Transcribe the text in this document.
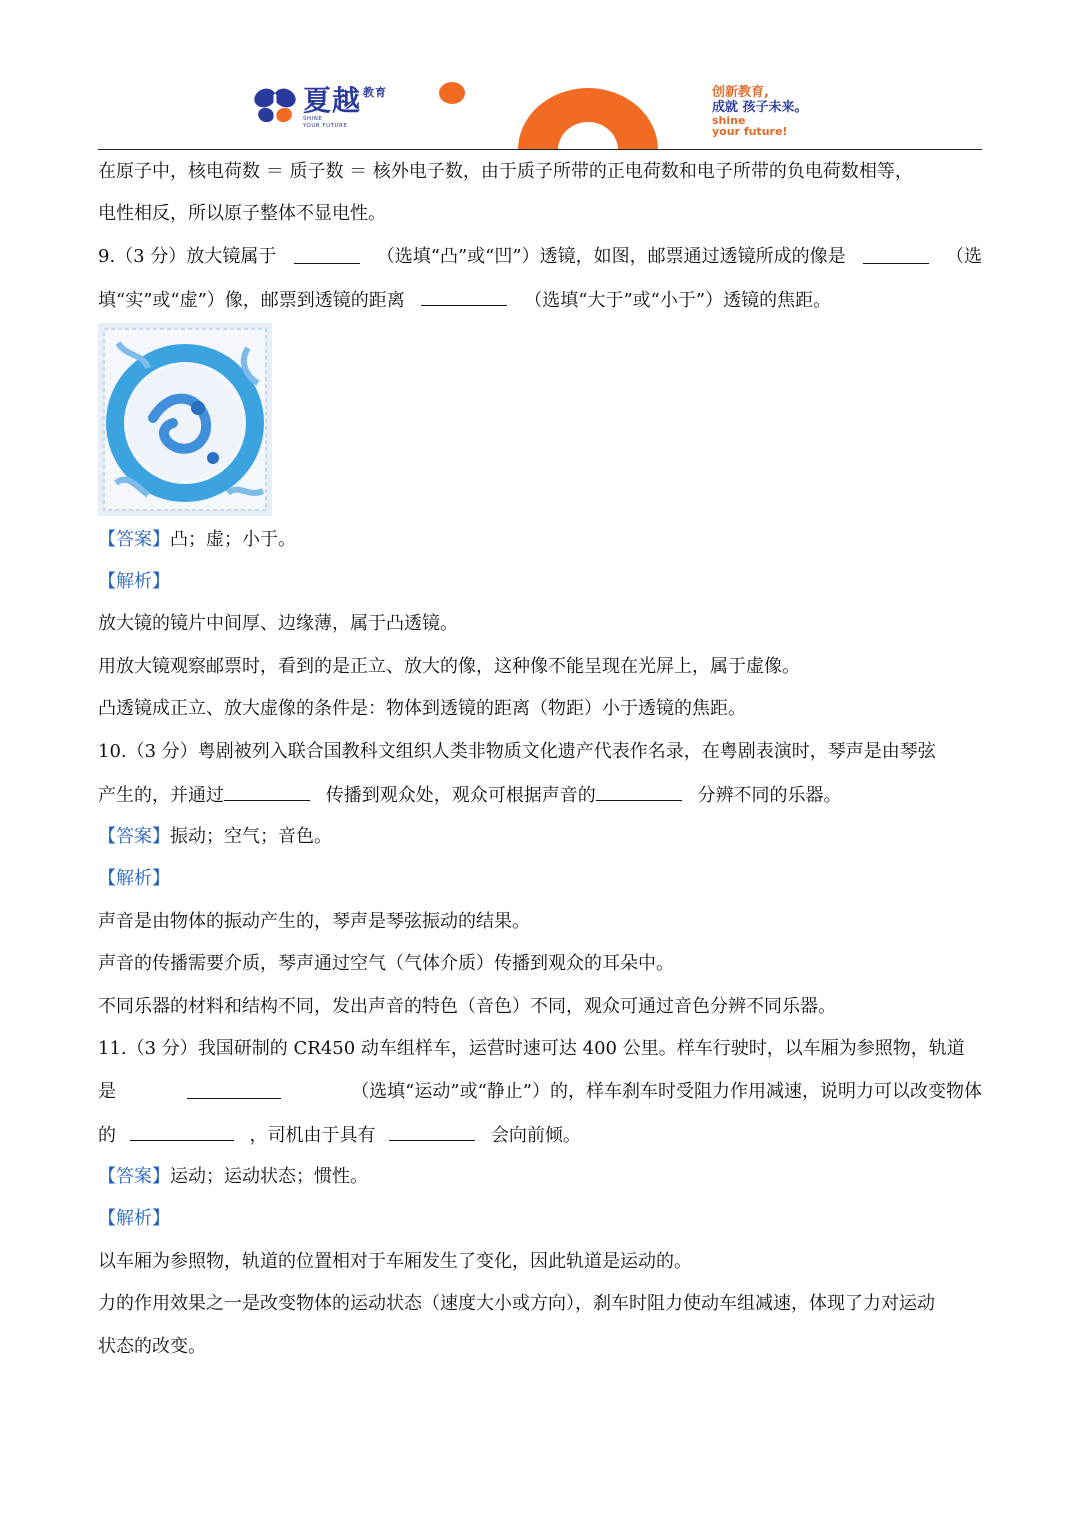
夏越 教育
SHINE
YOUR FUTURE
创新教育,
成就 孩子未来。
shine
your future!
在原子中，核电荷数 ＝ 质子数 ＝ 核外电子数，由于质子所带的正电荷数和电子所带的负电荷数相等，
电性相反，所以原子整体不显电性。
9.（3 分）放大镜属于	（选填“凸”或“凹”）透镜，如图，邮票通过透镜所成的像是	（选
填“实”或“虚”）像，邮票到透镜的距离	（选填“大于”或“小于”）透镜的焦距。
【答案】凸；虚；小于。
【解析】
放大镜的镜片中间厚、边缘薄，属于凸透镜。
用放大镜观察邮票时，看到的是正立、放大的像，这种像不能呈现在光屏上，属于虚像。
凸透镜成正立、放大虚像的条件是：物体到透镜的距离（物距）小于透镜的焦距。
10.（3 分）粤剧被列入联合国教科文组织人类非物质文化遗产代表作名录，在粤剧表演时，琴声是由琴弦
产生的，并通过	传播到观众处，观众可根据声音的	分辨不同的乐器。
【答案】振动；空气；音色。
【解析】
声音是由物体的振动产生的，琴声是琴弦振动的结果。
声音的传播需要介质，琴声通过空气（气体介质）传播到观众的耳朵中。
不同乐器的材料和结构不同，发出声音的特色（音色）不同，观众可通过音色分辨不同乐器。
11.（3 分）我国研制的 CR450 动车组样车，运营时速可达 400 公里。样车行驶时，以车厢为参照物，轨道
是	（选填“运动”或“静止”）的，样车刹车时受阻力作用减速，说明力可以改变物体
的	，司机由于具有	会向前倾。
【答案】运动；运动状态；惯性。
【解析】
以车厢为参照物，轨道的位置相对于车厢发生了变化，因此轨道是运动的。
力的作用效果之一是改变物体的运动状态（速度大小或方向），刹车时阻力使动车组减速，体现了力对运动
状态的改变。
